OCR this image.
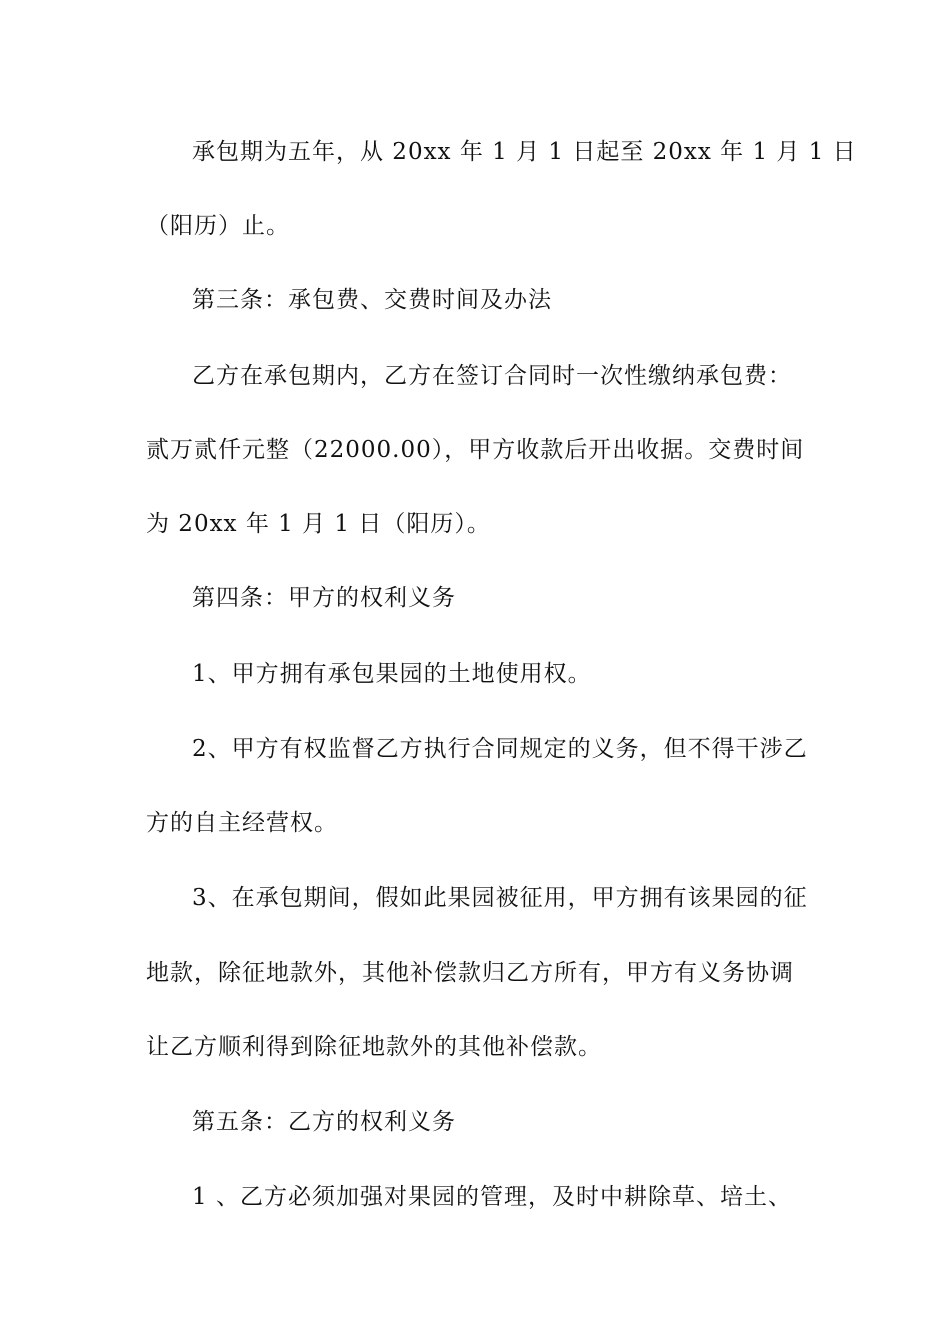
承包期为五年，从 20xx 年 1 月 1 日起至 20xx 年 1 月 1 日
（阳历）止。
第三条：承包费、交费时间及办法
乙方在承包期内，乙方在签订合同时一次性缴纳承包费：
贰万贰仟元整（22000.00），甲方收款后开出收据。交费时间
为 20xx 年 1 月 1 日（阳历）。
第四条：甲方的权利义务
1、甲方拥有承包果园的土地使用权。
2、甲方有权监督乙方执行合同规定的义务，但不得干涉乙
方的自主经营权。
3、在承包期间，假如此果园被征用，甲方拥有该果园的征
地款，除征地款外，其他补偿款归乙方所有，甲方有义务协调
让乙方顺利得到除征地款外的其他补偿款。
第五条：乙方的权利义务
1 、乙方必须加强对果园的管理，及时中耕除草、培土、
